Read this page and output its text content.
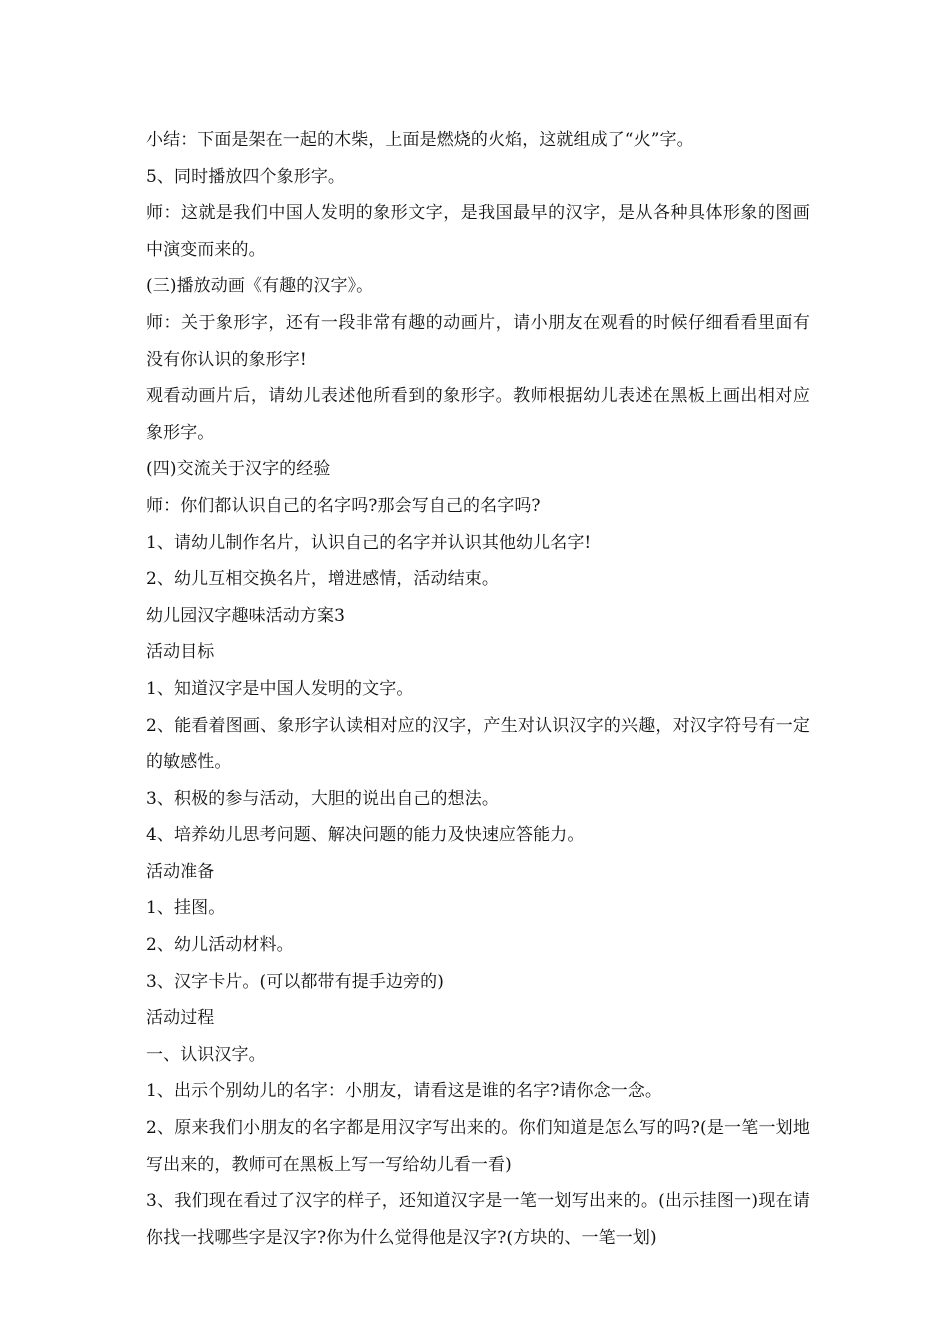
小结：下面是架在一起的木柴，上面是燃烧的火焰，这就组成了“火”字。

5、同时播放四个象形字。

师：这就是我们中国人发明的象形文字，是我国最早的汉字，是从各种具体形象的图画中演变而来的。

(三)播放动画《有趣的汉字》。

师：关于象形字，还有一段非常有趣的动画片，请小朋友在观看的时候仔细看看里面有没有你认识的象形字!

观看动画片后，请幼儿表述他所看到的象形字。教师根据幼儿表述在黑板上画出相对应象形字。

(四)交流关于汉字的经验

师：你们都认识自己的名字吗?那会写自己的名字吗?

1、请幼儿制作名片，认识自己的名字并认识其他幼儿名字!

2、幼儿互相交换名片，增进感情，活动结束。

幼儿园汉字趣味活动方案3

活动目标

1、知道汉字是中国人发明的文字。

2、能看着图画、象形字认读相对应的汉字，产生对认识汉字的兴趣，对汉字符号有一定的敏感性。

3、积极的参与活动，大胆的说出自己的想法。

4、培养幼儿思考问题、解决问题的能力及快速应答能力。

活动准备

1、挂图。

2、幼儿活动材料。

3、汉字卡片。(可以都带有提手边旁的)

活动过程

一、认识汉字。

1、出示个别幼儿的名字：小朋友，请看这是谁的名字?请你念一念。

2、原来我们小朋友的名字都是用汉字写出来的。你们知道是怎么写的吗?(是一笔一划地写出来的，教师可在黑板上写一写给幼儿看一看)

3、我们现在看过了汉字的样子，还知道汉字是一笔一划写出来的。(出示挂图一)现在请你找一找哪些字是汉字?你为什么觉得他是汉字?(方块的、一笔一划)
